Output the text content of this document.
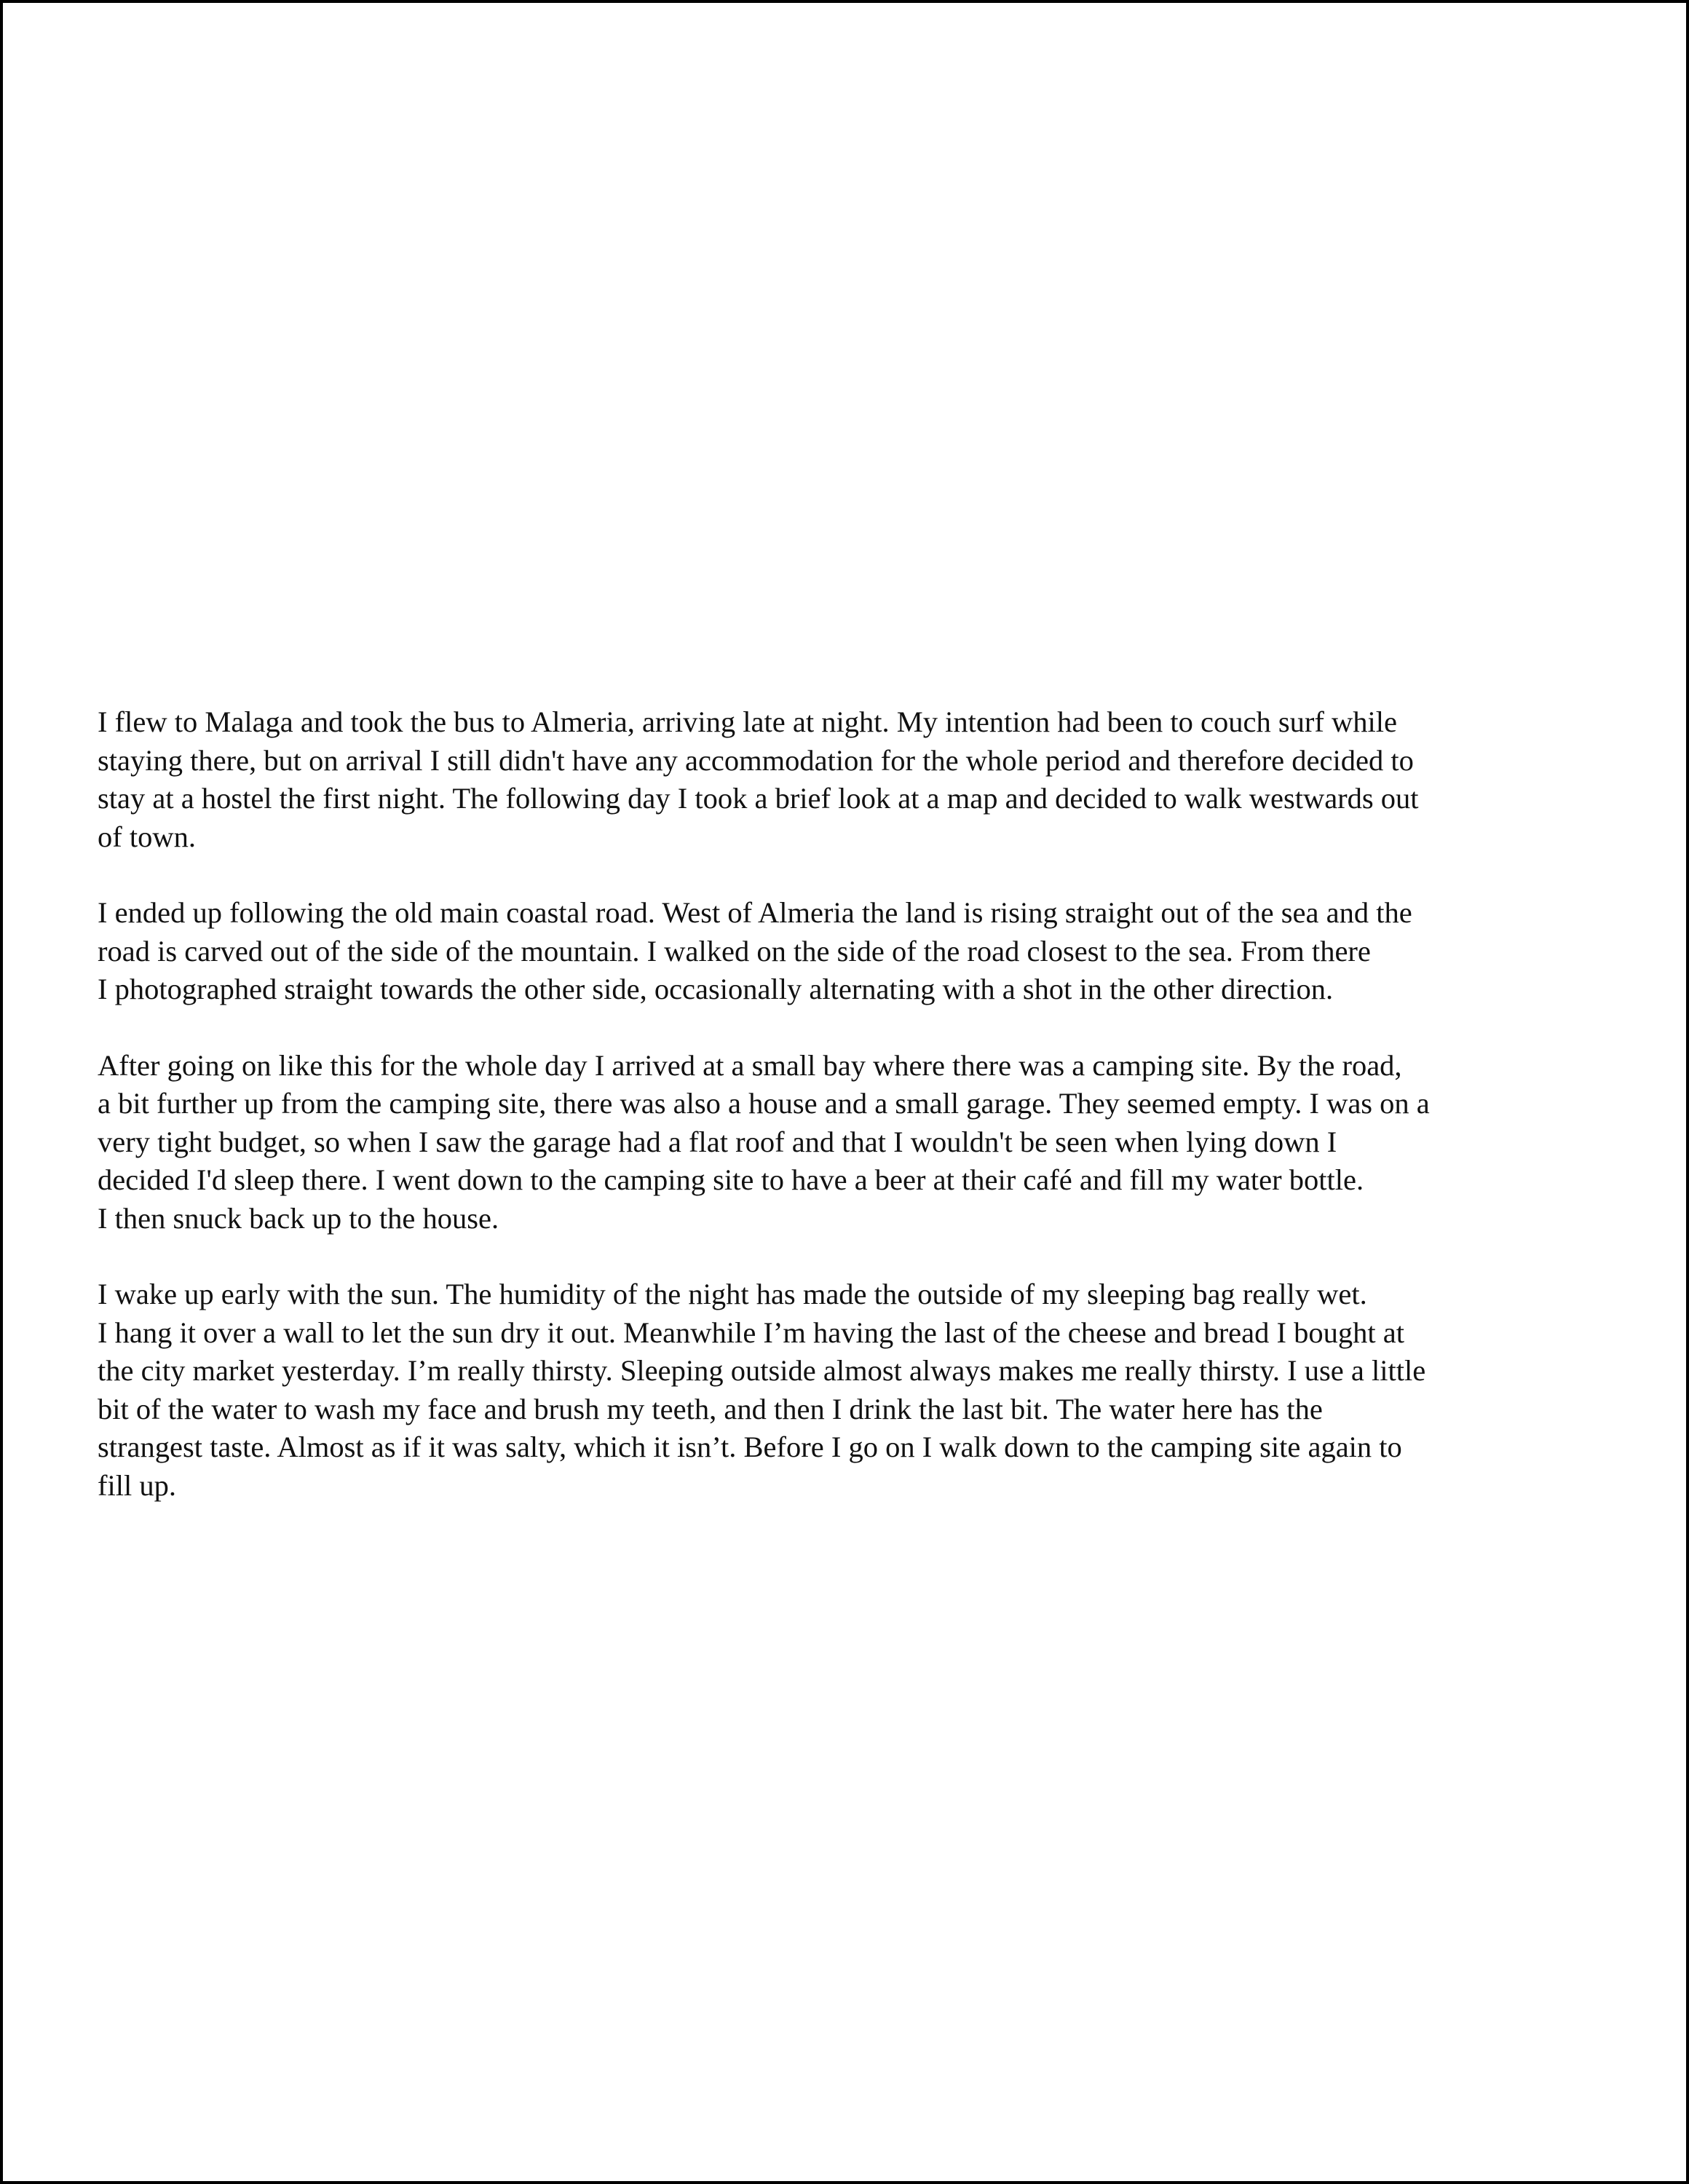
I flew to Malaga and took the bus to Almeria, arriving late at night. My intention had been to couch surf while
staying there, but on arrival I still didn't have any accommodation for the whole period and therefore decided to
stay at a hostel the first night. The following day I took a brief look at a map and decided to walk westwards out
of town.

I ended up following the old main coastal road. West of Almeria the land is rising straight out of the sea and the
road is carved out of the side of the mountain. I walked on the side of the road closest to the sea. From there
I photographed straight towards the other side, occasionally alternating with a shot in the other direction.

After going on like this for the whole day I arrived at a small bay where there was a camping site. By the road,
a bit further up from the camping site, there was also a house and a small garage. They seemed empty. I was on a
very tight budget, so when I saw the garage had a flat roof and that I wouldn't be seen when lying down I
decided I'd sleep there. I went down to the camping site to have a beer at their café and fill my water bottle.
I then snuck back up to the house.

I wake up early with the sun. The humidity of the night has made the outside of my sleeping bag really wet.
I hang it over a wall to let the sun dry it out. Meanwhile I’m having the last of the cheese and bread I bought at
the city market yesterday. I’m really thirsty. Sleeping outside almost always makes me really thirsty. I use a little
bit of the water to wash my face and brush my teeth, and then I drink the last bit. The water here has the
strangest taste. Almost as if it was salty, which it isn’t. Before I go on I walk down to the camping site again to
fill up.
